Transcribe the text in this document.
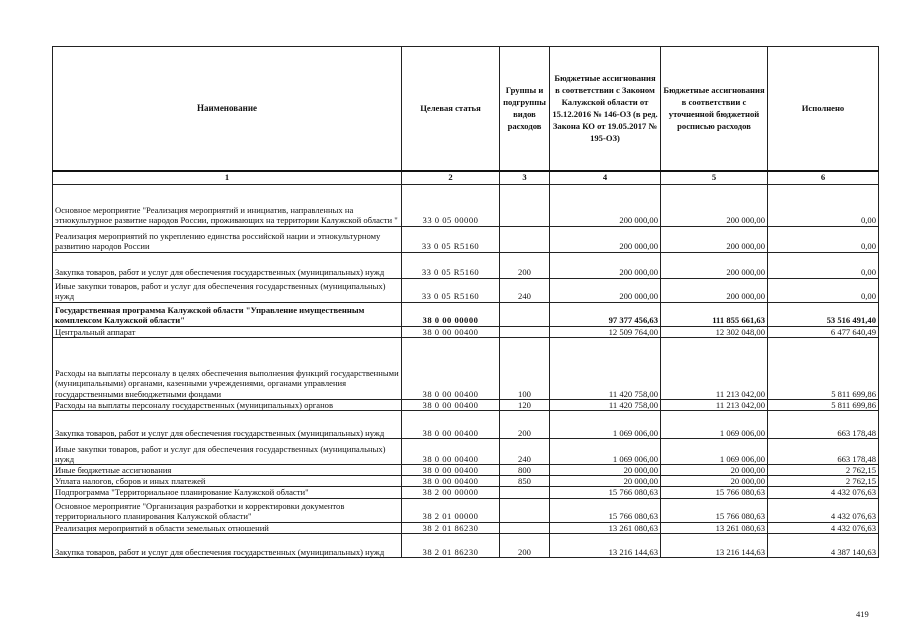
Наименование	Целевая статья	Группы и подгруппы видов расходов	Бюджетные ассигнования в соответствии с Законом Калужской области от 15.12.2016 № 146-ОЗ (в ред. Закона КО от 19.05.2017 № 195-ОЗ)	Бюджетные ассигнования в соответствии с уточненной бюджетной росписью расходов	Исполнено
1	2	3	4	5	6
Основное мероприятие "Реализация мероприятий и инициатив, направленных на этнокультурное развитие народов России, проживающих на территории Калужской области "	33 0 05 00000		200 000,00	200 000,00	0,00
Реализация мероприятий по укреплению единства российской нации и этнокультурному развитию народов России	33 0 05 R5160		200 000,00	200 000,00	0,00
Закупка товаров, работ и услуг для обеспечения государственных (муниципальных) нужд	33 0 05 R5160	200	200 000,00	200 000,00	0,00
Иные закупки товаров, работ и услуг для обеспечения государственных (муниципальных) нужд	33 0 05 R5160	240	200 000,00	200 000,00	0,00
Государственная программа Калужской области "Управление имущественным комплексом Калужской области"	38 0 00 00000		97 377 456,63	111 855 661,63	53 516 491,40
Центральный аппарат	38 0 00 00400		12 509 764,00	12 302 048,00	6 477 640,49
Расходы на выплаты персоналу в целях обеспечения выполнения функций государственными (муниципальными) органами, казенными учреждениями, органами управления государственными внебюджетными фондами	38 0 00 00400	100	11 420 758,00	11 213 042,00	5 811 699,86
Расходы на выплаты персоналу государственных (муниципальных) органов	38 0 00 00400	120	11 420 758,00	11 213 042,00	5 811 699,86
Закупка товаров, работ и услуг для обеспечения государственных (муниципальных) нужд	38 0 00 00400	200	1 069 006,00	1 069 006,00	663 178,48
Иные закупки товаров, работ и услуг для обеспечения государственных (муниципальных) нужд	38 0 00 00400	240	1 069 006,00	1 069 006,00	663 178,48
Иные бюджетные ассигнования	38 0 00 00400	800	20 000,00	20 000,00	2 762,15
Уплата налогов, сборов и иных платежей	38 0 00 00400	850	20 000,00	20 000,00	2 762,15
Подпрограмма "Территориальное планирование Калужской области"	38 2 00 00000		15 766 080,63	15 766 080,63	4 432 076,63
Основное мероприятие "Организация разработки и корректировки документов территориального планирования Калужской области"	38 2 01 00000		15 766 080,63	15 766 080,63	4 432 076,63
Реализация мероприятий в области земельных отношений	38 2 01 86230		13 261 080,63	13 261 080,63	4 432 076,63
Закупка товаров, работ и услуг для обеспечения государственных (муниципальных) нужд	38 2 01 86230	200	13 216 144,63	13 216 144,63	4 387 140,63
419
